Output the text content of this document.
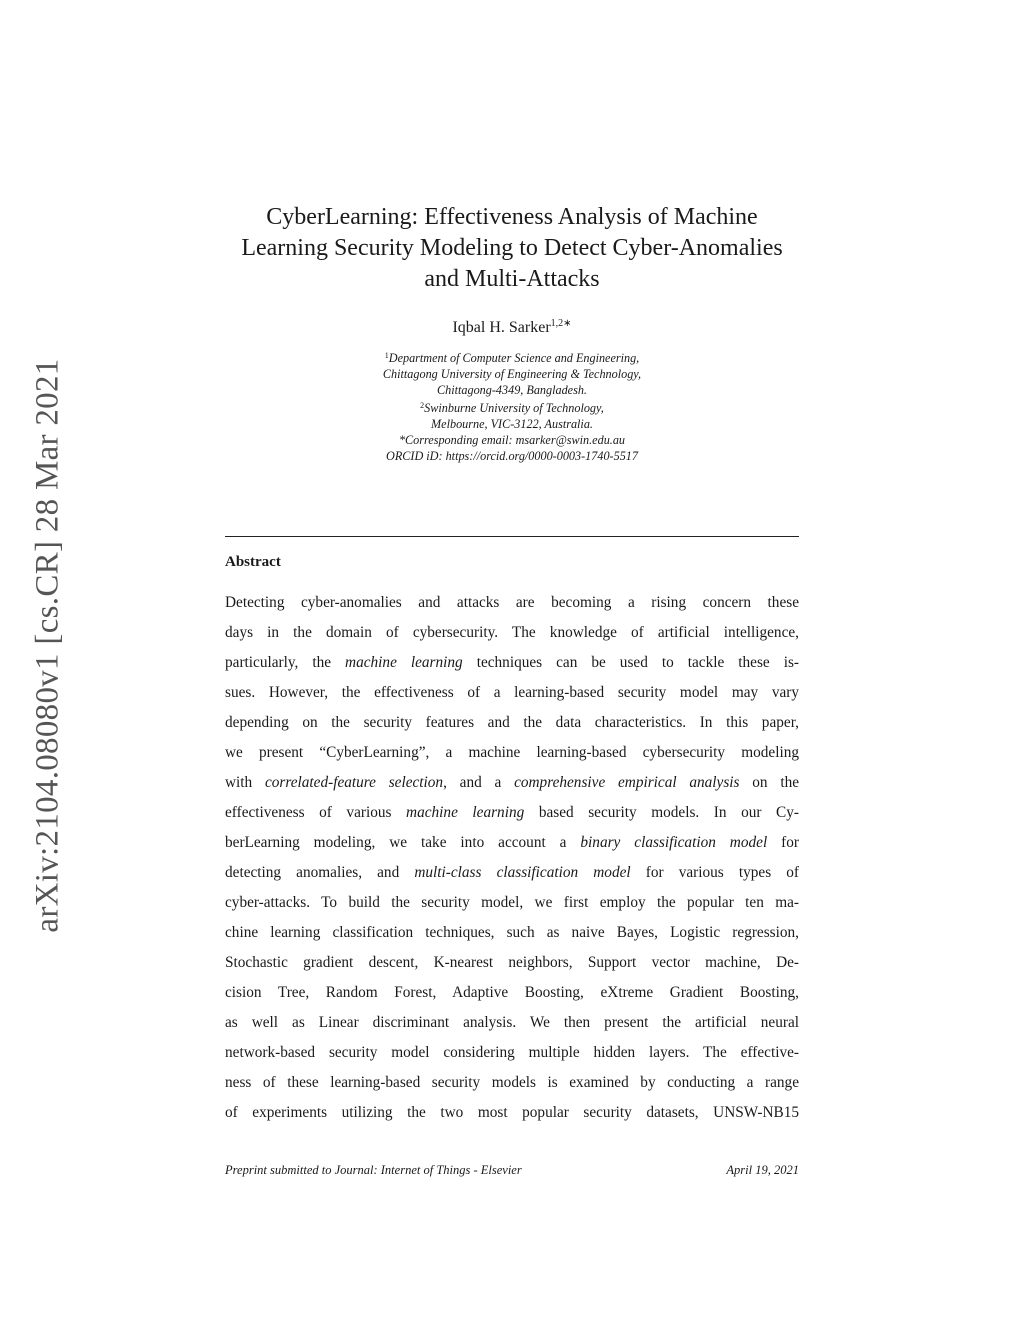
arXiv:2104.08080v1 [cs.CR] 28 Mar 2021
CyberLearning: Effectiveness Analysis of Machine
Learning Security Modeling to Detect Cyber-Anomalies
and Multi-Attacks
Iqbal H. Sarker$^{1,2∗}$
$^1$Department of Computer Science and Engineering,
Chittagong University of Engineering & Technology,
Chittagong-4349, Bangladesh.
$^2$Swinburne University of Technology,
Melbourne, VIC-3122, Australia.
*Corresponding email: msarker@swin.edu.au
ORCID iD: https://orcid.org/0000-0003-1740-5517
Abstract
Detecting cyber-anomalies and attacks are becoming a rising concern these
days in the domain of cybersecurity. The knowledge of artificial intelligence,
particularly, the machine learning techniques can be used to tackle these is-
sues. However, the effectiveness of a learning-based security model may vary
depending on the security features and the data characteristics. In this paper,
we present “CyberLearning”, a machine learning-based cybersecurity modeling
with correlated-feature selection, and a comprehensive empirical analysis on the
effectiveness of various machine learning based security models. In our Cy-
berLearning modeling, we take into account a binary classification model for
detecting anomalies, and multi-class classification model for various types of
cyber-attacks. To build the security model, we first employ the popular ten ma-
chine learning classification techniques, such as naive Bayes, Logistic regression,
Stochastic gradient descent, K-nearest neighbors, Support vector machine, De-
cision Tree, Random Forest, Adaptive Boosting, eXtreme Gradient Boosting,
as well as Linear discriminant analysis. We then present the artificial neural
network-based security model considering multiple hidden layers. The effective-
ness of these learning-based security models is examined by conducting a range
of experiments utilizing the two most popular security datasets, UNSW-NB15
Preprint submitted to Journal: Internet of Things - Elsevier	April 19, 2021
